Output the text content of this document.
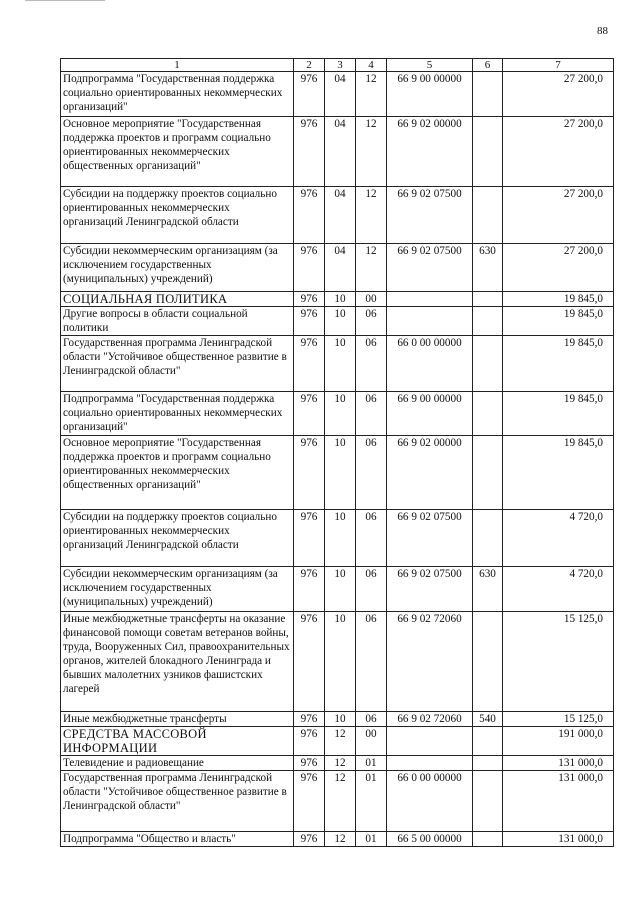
88
1	2	3	4	5	6	7
Подпрограмма "Государственная поддержка социально ориентированных некоммерческих организаций"	976	04	12	66 9 00 00000		27 200,0
Основное мероприятие "Государственная поддержка проектов и программ социально ориентированных некоммерческих общественных организаций"	976	04	12	66 9 02 00000		27 200,0
Субсидии на поддержку проектов социально ориентированных некоммерческих организаций Ленинградской области	976	04	12	66 9 02 07500		27 200,0
Субсидии некоммерческим организациям (за исключением государственных (муниципальных) учреждений)	976	04	12	66 9 02 07500	630	27 200,0
СОЦИАЛЬНАЯ ПОЛИТИКА	976	10	00			19 845,0
Другие вопросы в области социальной политики	976	10	06			19 845,0
Государственная программа Ленинградской области "Устойчивое общественное развитие в Ленинградской области"	976	10	06	66 0 00 00000		19 845,0
Подпрограмма "Государственная поддержка социально ориентированных некоммерческих организаций"	976	10	06	66 9 00 00000		19 845,0
Основное мероприятие "Государственная поддержка проектов и программ социально ориентированных некоммерческих общественных организаций"	976	10	06	66 9 02 00000		19 845,0
Субсидии на поддержку проектов социально ориентированных некоммерческих организаций Ленинградской области	976	10	06	66 9 02 07500		4 720,0
Субсидии некоммерческим организациям (за исключением государственных (муниципальных) учреждений)	976	10	06	66 9 02 07500	630	4 720,0
Иные межбюджетные трансферты на оказание финансовой помощи советам ветеранов войны, труда, Вооруженных Сил, правоохранительных органов, жителей блокадного Ленинграда и бывших малолетних узников фашистских лагерей	976	10	06	66 9 02 72060		15 125,0
Иные межбюджетные трансферты	976	10	06	66 9 02 72060	540	15 125,0
СРЕДСТВА МАССОВОЙ ИНФОРМАЦИИ	976	12	00			191 000,0
Телевидение и радиовещание	976	12	01			131 000,0
Государственная программа Ленинградской области "Устойчивое общественное развитие в Ленинградской области"	976	12	01	66 0 00 00000		131 000,0
Подпрограмма "Общество и власть"	976	12	01	66 5 00 00000		131 000,0
